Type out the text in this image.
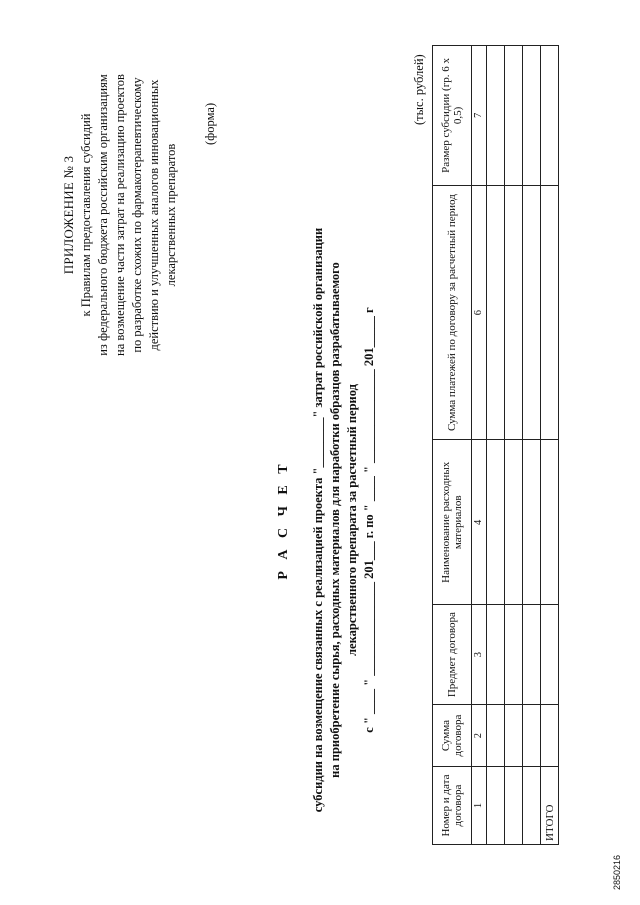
ПРИЛОЖЕНИЕ № 3 к Правилам предоставления субсидий из федерального бюджета российским организациям на возмещение части затрат на реализацию проектов по разработке схожих по фармакотерапевтическому действию и улучшенных аналогов инновационных лекарственных препаратов
(форма)
Р А С Ч Е Т субсидии на возмещение связанных с реализацией проекта "________" затрат российской организации на приобретение сырья, расходных материалов для наработки образцов разрабатываемого лекарственного препарата за расчетный период с " ____ " _______________ 201___ г. по " ____ " _______________ 201_____ г
(тыс. рублей)
Номер и дата договора	Сумма договора	Предмет договора	Наименование расходных материалов	Сумма платежей по договору за расчетный период	Размер субсидии (гр. 6 х 0,5)
1	2	3	4	6	7

ИТОГО					
2850216
